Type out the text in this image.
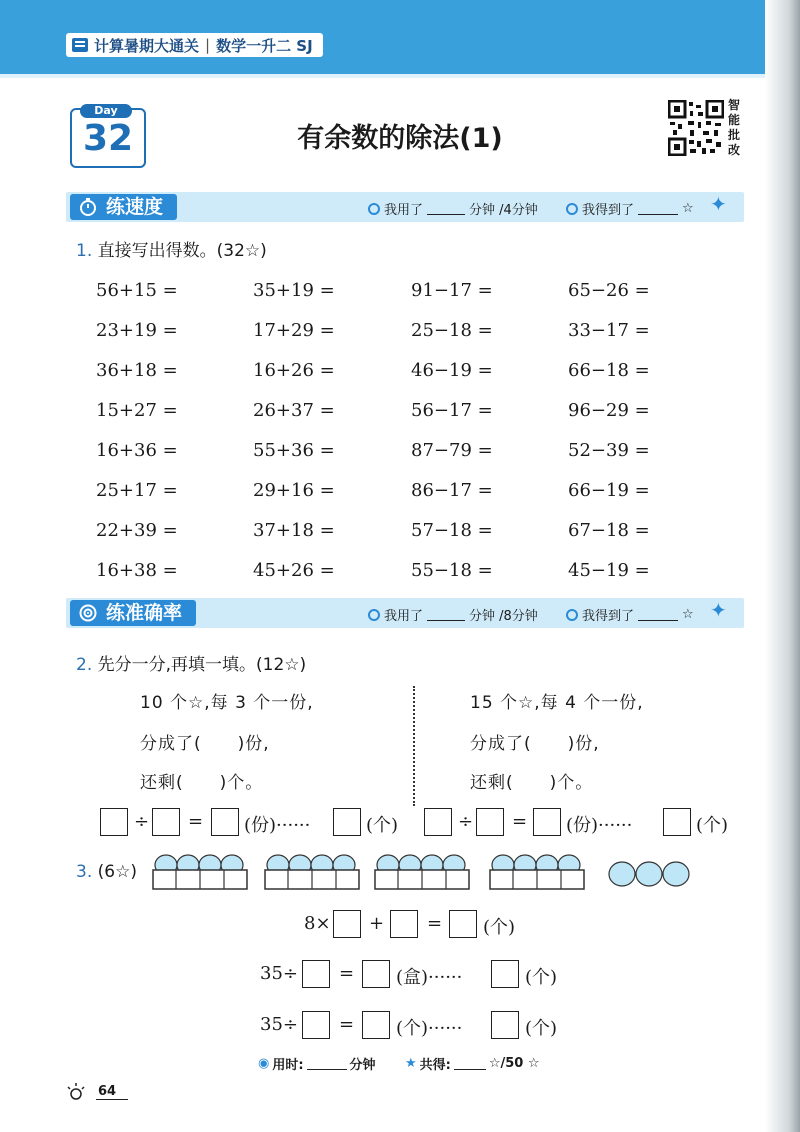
计算暑期大通关 | 数学一升二 SJ
Day
32	有余数的除法(1)
智
能
批
改
练速度	我用了	分钟 /4分钟	我得到了	☆ ✦
1. 直接写出得数。(32☆)
56+15 =	35+19 =	91−17 =	65−26 =
23+19 =	17+29 =	25−18 =	33−17 =
36+18 =	16+26 =	46−19 =	66−18 =
15+27 =	26+37 =	56−17 =	96−29 =
16+36 =	55+36 =	87−79 =	52−39 =
25+17 =	29+16 =	86−17 =	66−19 =
22+39 =	37+18 =	57−18 =	67−18 =
16+38 =	45+26 =	55−18 =	45−19 =
练准确率	我用了	分钟 /8分钟	我得到了	☆ ✦
2. 先分一分,再填一填。(12☆)
10 个☆,每 3 个一份,
分成了(　　)份,
还剩(　　)个。
15 个☆,每 4 个一份,
分成了(　　)份,
还剩(　　)个。
÷ = (份)······	(个)	÷ = (份)······	(个)
3. (6☆)
8× + = (个)
35÷ = (盒)······	(个)
35÷ = (个)······	(个)
◉ 用时:	分钟 ★ 共得:	☆/50 ☆
64
